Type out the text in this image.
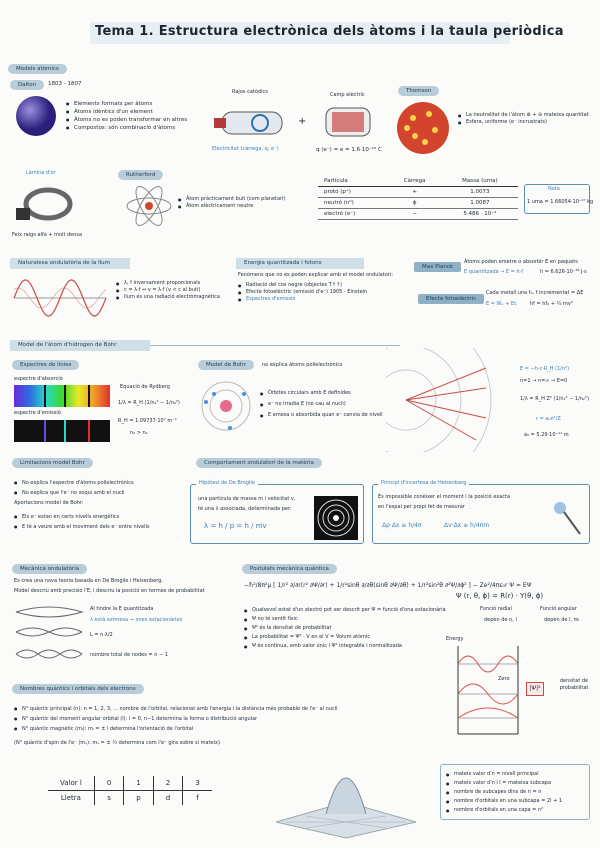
Tema 1. Estructura electrònica dels àtoms i la taula periòdica
Models atòmics
Dalton	1803 - 1807
● Elements formats per àtoms
● Àtoms idèntics d'un element
● Àtoms no es poden transformar en altres
● Compostos: són combinació d'àtoms
Rajos catòdics
Electricitat (càrrega, q, e⁻)
+
Camp elèctric
q (e⁻) = e = 1.6·10⁻¹⁹ C
Thomson
● La neutralitat de l'àtom ⊕ + ⊖ mateixa quantitat
● Esfera, uniforme (e⁻ incrustrats)
Làmina d'or
Feix raigs alfa + molt densa
Rutherford
● Àtom pràcticament buit (com planetari)
● Àtom elèctricament neutre
Partícula	Càrrega	Massa (uma)
protó (p⁺)	+	1.0073
neutró (n⁰)	ϕ	1.0087
electró (e⁻)	−	5.486 · 10⁻⁴
Nota
1 uma = 1.66054·10⁻²⁷ kg
Naturalesa ondulatòria de la llum
● λ, f inversament proporcionals
● c = λ·f ↔ v = λ·f (v < c al buit)
● llum és una radiació electromagnètica
Energia quantitzada i fotons
Fenòmens que no es poden explicar amb el model ondulatori:
● Radiació del cos negre (objectes T↑↑)
● Efecte fotoelèctric (emissió d'e⁻) 1905 - Einstein
● Espectres d'emissió
Max Planck
Àtoms poden emetre o absorbir E en paquets
E quantitzada → E = h·f	h = 6.626·10⁻³⁴ J·s
Efecte fotoelèctric
Cada metall una f₀, f incrementat = ΔE
E = Wₑ + Eᴄ	hf = hf₀ + ½ mv²
Model de l'àtom d'hidrogen de Bohr
Espectres de línies
espectre d'absorció
espectre d'emissió
Equació de Rydberg
1/λ = R_H (1/n₁² − 1/n₂²)
R_H = 1.09737·10⁷ m⁻¹
n₂ > n₁
Model de Bohr	no explica àtoms polielectrònics
● Òrbites circulars amb E definides
● e⁻ no irradia E (no cau al nucli)
● E emesa o absorbida quan e⁻ canvia de nivell
E = −h·c·R_H (1/n²)
n=1 → n=∞ → E=0
1/λ = R_H Z² (1/n₁² − 1/n₂²)
r = a₀n²/Z
a₀ = 5.29·10⁻¹¹ m
Limitacions model Bohr
● No explica l'espectre d'àtoms polielectrònics
● No explica que l'e⁻ no xoqui amb el nucli
Aportacions model de Bohr:
● Els e⁻ estan en certs nivells energètics
● E té a veure amb el moviment dels e⁻ entre nivells
Comportament ondulatori de la matèria
Hipòtesi de De Broglie
una partícula de massa m i velocitat v,
té una λ associada, determinada per:
λ = h / p = h / mv
Principi d'incertesa de Heisenberg
És impossible conèixer el moment i la posició exacta
en l'espai per propi fet de mesurar
Δp·Δx ≥ h/4π	Δv·Δx ≥ h/4πm
Mecànica ondulatòria
Es crea una nova teoria basada en De Broglie i Heisenberg.
Model descriu amb precisió l'E, i descriu la posició en termes de probabilitat
Al tindre la E quantitzada
λ està sotmesa → ones estacionàries
L = n·λ/2
nombre total de nodes = n − 1
Postulats mecànica quàntica
−ħ²/8π²μ [ 1/r² ∂/∂r(r² ∂Ψ/∂r) + 1/r²sinθ ∂/∂θ(sinθ ∂Ψ/∂θ) + 1/r²sin²θ ∂²Ψ/∂ϕ² ] − Ze²/4πε₀r Ψ = EΨ
Ψ (r, θ, ϕ) = R(r) · Y(θ, ϕ)
Funció radial	Funció angular
depèn de n, l	depèn de l, mₗ
● Qualsevol estat d'un electró pot ser descrit per Ψ = funció d'ona estacionària
● Ψ no té sentit físic
● Ψ² és la densitat de probabilitat
● La probabilitat = Ψ² · V en el V = Volum atòmic
● Ψ és contínua, amb valor únic i Ψ² integrable i normalitzada
Energy
Zero
|Ψ|²
densitat de probabilitat
Nombres quàntics i orbitals dels electrons
● N° quàntic principal (n): n = 1, 2, 3, ... nombre de l'orbital, relacionat amb l'energia i la distància més probable de l'e⁻ al nucli
● N° quàntic del moment angular orbital (l): l = 0, n−1 determina la forma o distribució angular
● N° quàntic magnètic (mₗ): mₗ = ± l determina l'orientació de l'orbital
(N° quàntic d'spin de l'e⁻ (mₛ): mₛ = ± ½ determina com l'e⁻ gira sobre si mateix)
Valor l	0	1	2	3
Lletra	s	p	d	f
● mateix valor d'n = nivell principal
● mateix valor d'n i l = mateixa subcapa
● nombre de subcapes dins de n = n
● nombre d'orbitals en una subcapa = 2l + 1
● nombre d'orbitals en una capa = n²
